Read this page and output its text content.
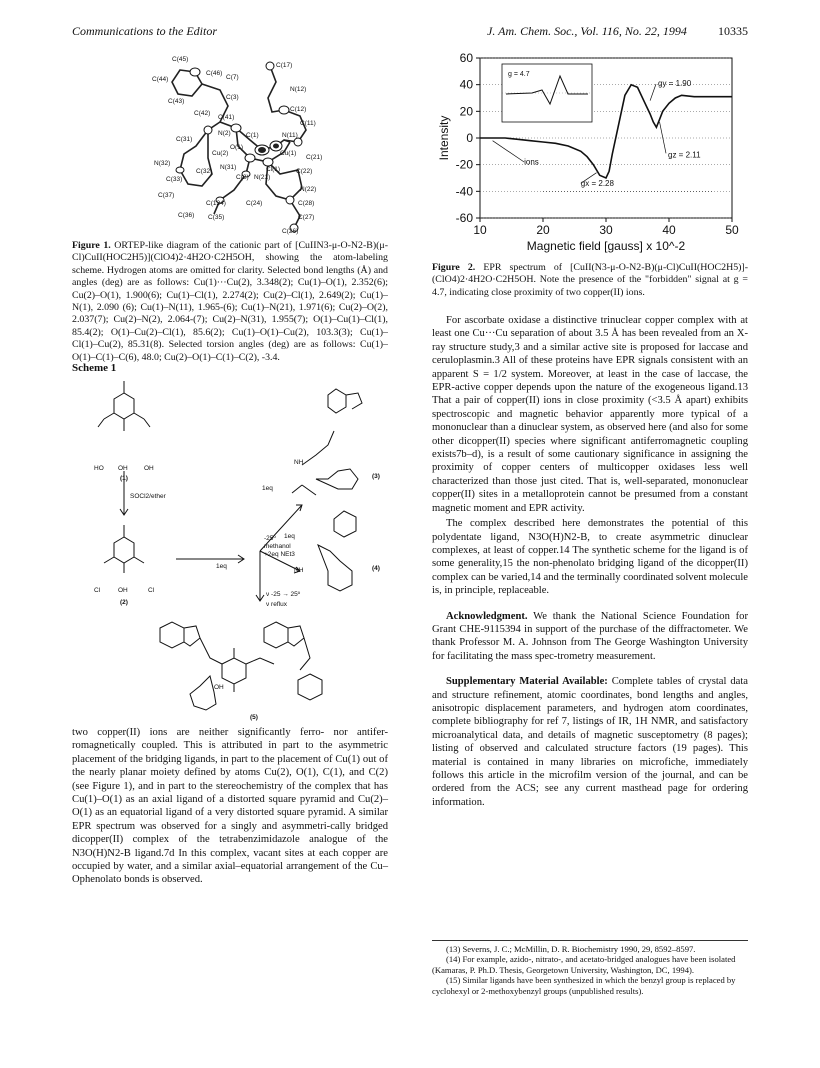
Communications to the Editor	J. Am. Chem. Soc., Vol. 116, No. 22, 1994	10335
C(45)
C(44)
C(46)
C(7)
C(17)
C(43)
C(3)
N(12)
C(42)
C(12)
C(41)
C(11)
N(2) C(1)	N(11)
C(31)
O(1)
Cu(1)
C(21)
Cu(2)
C(2)
Cl(1)
N(32)
N(31)
N(21)
C(22)
C(33)
C(32)
N(22)
C(37)
C(134)	C(24)	C(28)
C(36) C(35)	C(27)
C(26)
Figure 1. ORTEP-like diagram of the cationic part of [CuIIN3-μ-O-N2-B)(μ-Cl)CuII(HOC2H5)](ClO4)2·4H2O·C2H5OH, showing the atom-labeling scheme. Hydrogen atoms are omitted for clarity. Selected bond lengths (Å) and angles (deg) are as follows: Cu(1)···Cu(2), 3.348(2); Cu(1)–O(1), 2.352(6); Cu(2)–O(1), 1.900(6); Cu(1)–Cl(1), 2.274(2); Cu(2)–Cl(1), 2.649(2); Cu(1)–N(1), 2.090 (6); Cu(1)–N(11), 1.965-(6); Cu(1)–N(21), 1.971(6); Cu(2)–O(2), 2.037(7); Cu(2)–N(2), 2.064-(7); Cu(2)–N(31), 1.955(7); O(1)–Cu(1)–Cl(1), 85.4(2); O(1)–Cu(2)–Cl(1), 85.6(2); Cu(1)–O(1)–Cu(2), 103.3(3); Cu(1)–Cl(1)–Cu(2), 85.31(8). Selected torsion angles (deg) are as follows: Cu(1)–O(1)–C(1)–C(6), 48.0; Cu(2)–O(1)–C(1)–C(2), -3.4.
Scheme 1
HO OH	OH
(1)
SOCl2/ether
Cl	OH	Cl
(2)
1eq
1eq
1eq
-25º
methanol
+2eq NEt3
ν -25 → 25º
ν reflux
NH
NH
(3)
(4)
OH
(5)
two copper(II) ions are neither significantly ferro- nor antifer-romagnetically coupled. This is attributed in part to the asymmetric placement of the bridging ligands, in part to the placement of Cu(1) out of the nearly planar moiety defined by atoms Cu(2), O(1), C(1), and C(2) (see Figure 1), and in part to the stereochemistry of the complex that has Cu(1)–O(1) as an axial ligand of a distorted square pyramid and Cu(2)–O(1) as an equatorial ligand of a very distorted square pyramid. A similar EPR spectrum was observed for a singly and asymmetri-cally bridged dicopper(II) complex of the tetrabenzimidazole analogue of the N3O(H)N2-B ligand.7d In this complex, vacant sites at each copper are occupied by water, and a similar axial–equatorial arrangement of the Cu–Ophenolato bonds is observed.
60
40
20
0
-20
-40
-60
10	20	30	40	50
Magnetic field [gauss] x 10^-2
Intensity
g = 4.7
gy = 1.90
gz = 2.11
gx = 2.28
ions
Figure 2. EPR spectrum of [CuII(N3-μ-O-N2-B)(μ-Cl)CuII(HOC2H5)]-(ClO4)2·4H2O·C2H5OH. Note the presence of the "forbidden" signal at g = 4.7, indicating close proximity of two copper(II) ions.

For ascorbate oxidase a distinctive trinuclear copper complex with at least one Cu···Cu separation of about 3.5 Å has been revealed from an X-ray structure study,3 and a similar active site is proposed for laccase and ceruloplasmin.3 All of these proteins have EPR signals consistent with an apparent S = 1/2 system. Moreover, at least in the case of laccase, the EPR-active copper depends upon the nature of the exogeneous ligand.13 That a pair of copper(II) ions in close proximity (<3.5 Å apart) exhibits spectroscopic and magnetic behavior apparently more typical of a mononuclear than a dinuclear system, as observed here (and also for some other dicopper(II) species where significant antiferromagnetic coupling exists7b–d), is a result of some cautionary significance in assigning the proximity of copper centers of multicopper oxidases less well characterized than those just cited. That is, well-separated, mononuclear copper(II) sites in a metalloprotein cannot be presumed from a constant magnetic moment and EPR activity.

The complex described here demonstrates the potential of this polydentate ligand, N3O(H)N2-B, to create asymmetric dinuclear complexes, at least of copper.14 The synthetic scheme for the ligand is of some generality,15 the non-phenolato bridging ligand of the dicopper(II) complex can be varied,14 and the terminally coordinated solvent molecule is, in principle, replaceable.

Acknowledgment. We thank the National Science Foundation for Grant CHE-9115394 in support of the purchase of the diffractometer. We thank Professor M. A. Johnson from The George Washington University for facilitating the mass spec-trometry measurement.

Supplementary Material Available: Complete tables of crystal data and structure refinement, atomic coordinates, bond lengths and angles, anisotropic displacement parameters, and hydrogen atom coordinates, complete bibliography for ref 7, listings of IR, 1H NMR, and satisfactory microanalytical data, and details of magnetic susceptometry (8 pages); listing of observed and calculated structure factors (19 pages). This material is contained in many libraries on microfiche, immediately follows this article in the microfilm version of the journal, and can be ordered from the ACS; see any current masthead page for ordering information.

(13) Severns, J. C.; McMillin, D. R. Biochemistry 1990, 29, 8592–8597.

(14) For example, azido-, nitrato-, and acetato-bridged analogues have been isolated (Kamaras, P. Ph.D. Thesis, Georgetown University, Washington, DC, 1994).

(15) Similar ligands have been synthesized in which the benzyl group is replaced by cyclohexyl or 2-methoxybenzyl groups (unpublished results).
